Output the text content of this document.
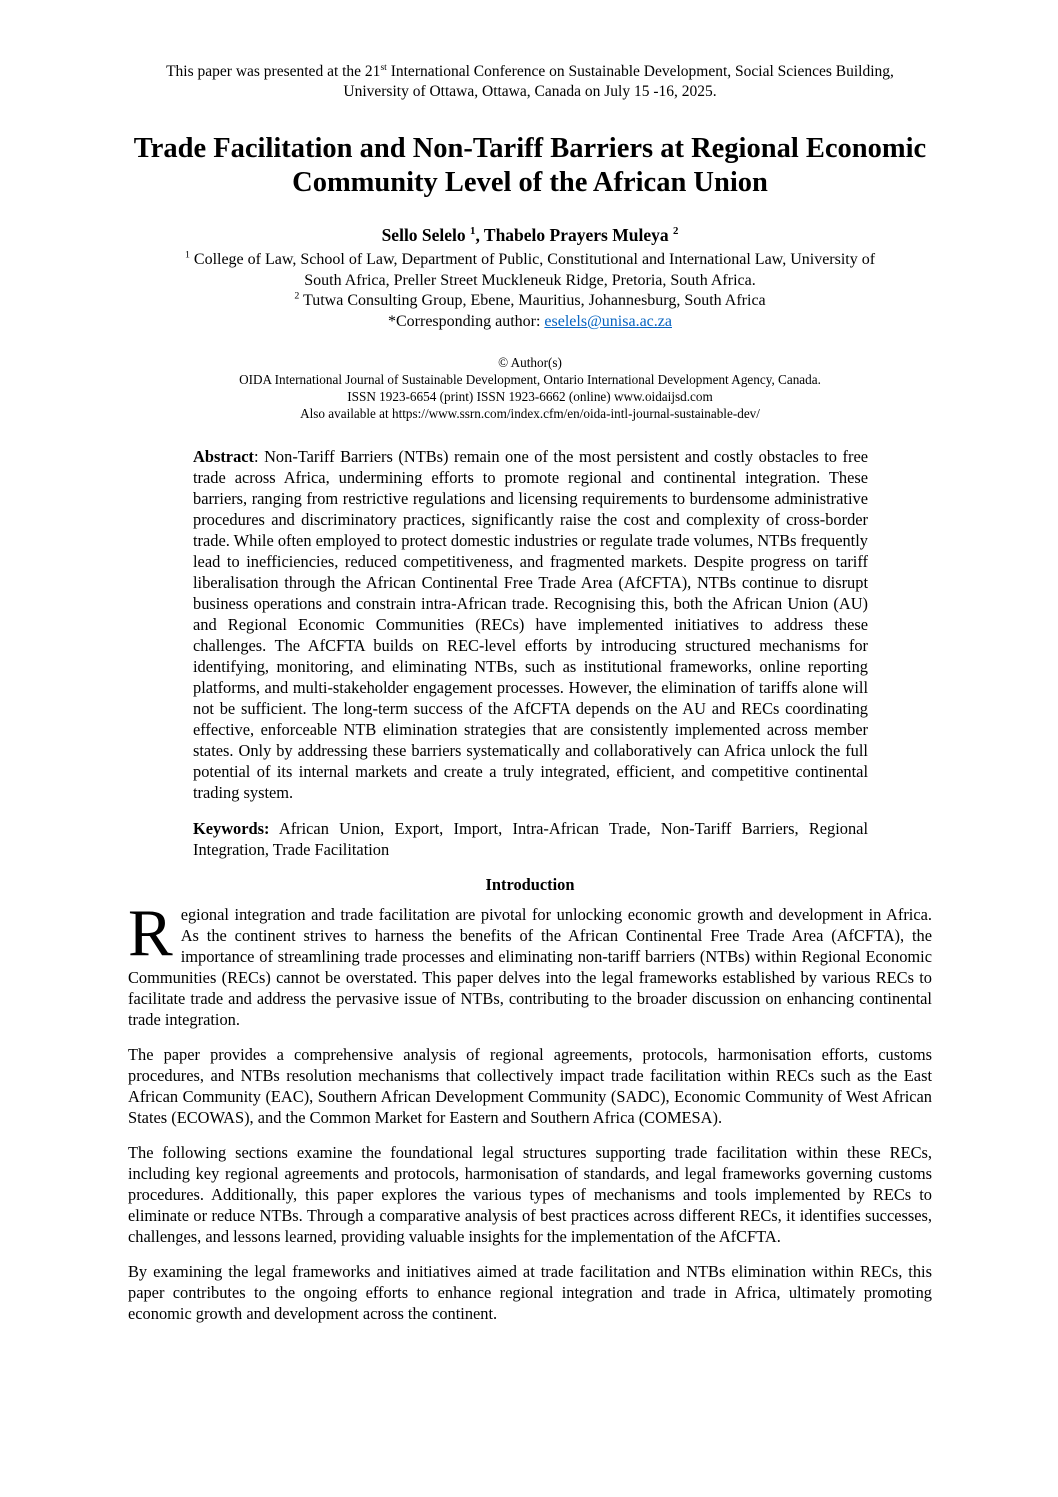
This paper was presented at the 21st International Conference on Sustainable Development, Social Sciences Building, University of Ottawa, Ottawa, Canada on July 15 -16, 2025.
Trade Facilitation and Non-Tariff Barriers at Regional Economic Community Level of the African Union
Sello Selelo $^1$, Thabelo Prayers Muleya $^2$
$^1$ College of Law, School of Law, Department of Public, Constitutional and International Law, University of South Africa, Preller Street Muckleneuk Ridge, Pretoria, South Africa.
$^2$ Tutwa Consulting Group, Ebene, Mauritius, Johannesburg, South Africa
*Corresponding author: eselels@unisa.ac.za
© Author(s)
OIDA International Journal of Sustainable Development, Ontario International Development Agency, Canada.
ISSN 1923-6654 (print) ISSN 1923-6662 (online) www.oidaijsd.com
Also available at https://www.ssrn.com/index.cfm/en/oida-intl-journal-sustainable-dev/
Abstract: Non-Tariff Barriers (NTBs) remain one of the most persistent and costly obstacles to free trade across Africa, undermining efforts to promote regional and continental integration. These barriers, ranging from restrictive regulations and licensing requirements to burdensome administrative procedures and discriminatory practices, significantly raise the cost and complexity of cross-border trade. While often employed to protect domestic industries or regulate trade volumes, NTBs frequently lead to inefficiencies, reduced competitiveness, and fragmented markets. Despite progress on tariff liberalisation through the African Continental Free Trade Area (AfCFTA), NTBs continue to disrupt business operations and constrain intra-African trade. Recognising this, both the African Union (AU) and Regional Economic Communities (RECs) have implemented initiatives to address these challenges. The AfCFTA builds on REC-level efforts by introducing structured mechanisms for identifying, monitoring, and eliminating NTBs, such as institutional frameworks, online reporting platforms, and multi-stakeholder engagement processes. However, the elimination of tariffs alone will not be sufficient. The long-term success of the AfCFTA depends on the AU and RECs coordinating effective, enforceable NTB elimination strategies that are consistently implemented across member states. Only by addressing these barriers systematically and collaboratively can Africa unlock the full potential of its internal markets and create a truly integrated, efficient, and competitive continental trading system.
Keywords: African Union, Export, Import, Intra-African Trade, Non-Tariff Barriers, Regional Integration, Trade Facilitation
Introduction
Regional integration and trade facilitation are pivotal for unlocking economic growth and development in Africa. As the continent strives to harness the benefits of the African Continental Free Trade Area (AfCFTA), the importance of streamlining trade processes and eliminating non-tariff barriers (NTBs) within Regional Economic Communities (RECs) cannot be overstated. This paper delves into the legal frameworks established by various RECs to facilitate trade and address the pervasive issue of NTBs, contributing to the broader discussion on enhancing continental trade integration.
The paper provides a comprehensive analysis of regional agreements, protocols, harmonisation efforts, customs procedures, and NTBs resolution mechanisms that collectively impact trade facilitation within RECs such as the East African Community (EAC), Southern African Development Community (SADC), Economic Community of West African States (ECOWAS), and the Common Market for Eastern and Southern Africa (COMESA).
The following sections examine the foundational legal structures supporting trade facilitation within these RECs, including key regional agreements and protocols, harmonisation of standards, and legal frameworks governing customs procedures. Additionally, this paper explores the various types of mechanisms and tools implemented by RECs to eliminate or reduce NTBs. Through a comparative analysis of best practices across different RECs, it identifies successes, challenges, and lessons learned, providing valuable insights for the implementation of the AfCFTA.
By examining the legal frameworks and initiatives aimed at trade facilitation and NTBs elimination within RECs, this paper contributes to the ongoing efforts to enhance regional integration and trade in Africa, ultimately promoting economic growth and development across the continent.
